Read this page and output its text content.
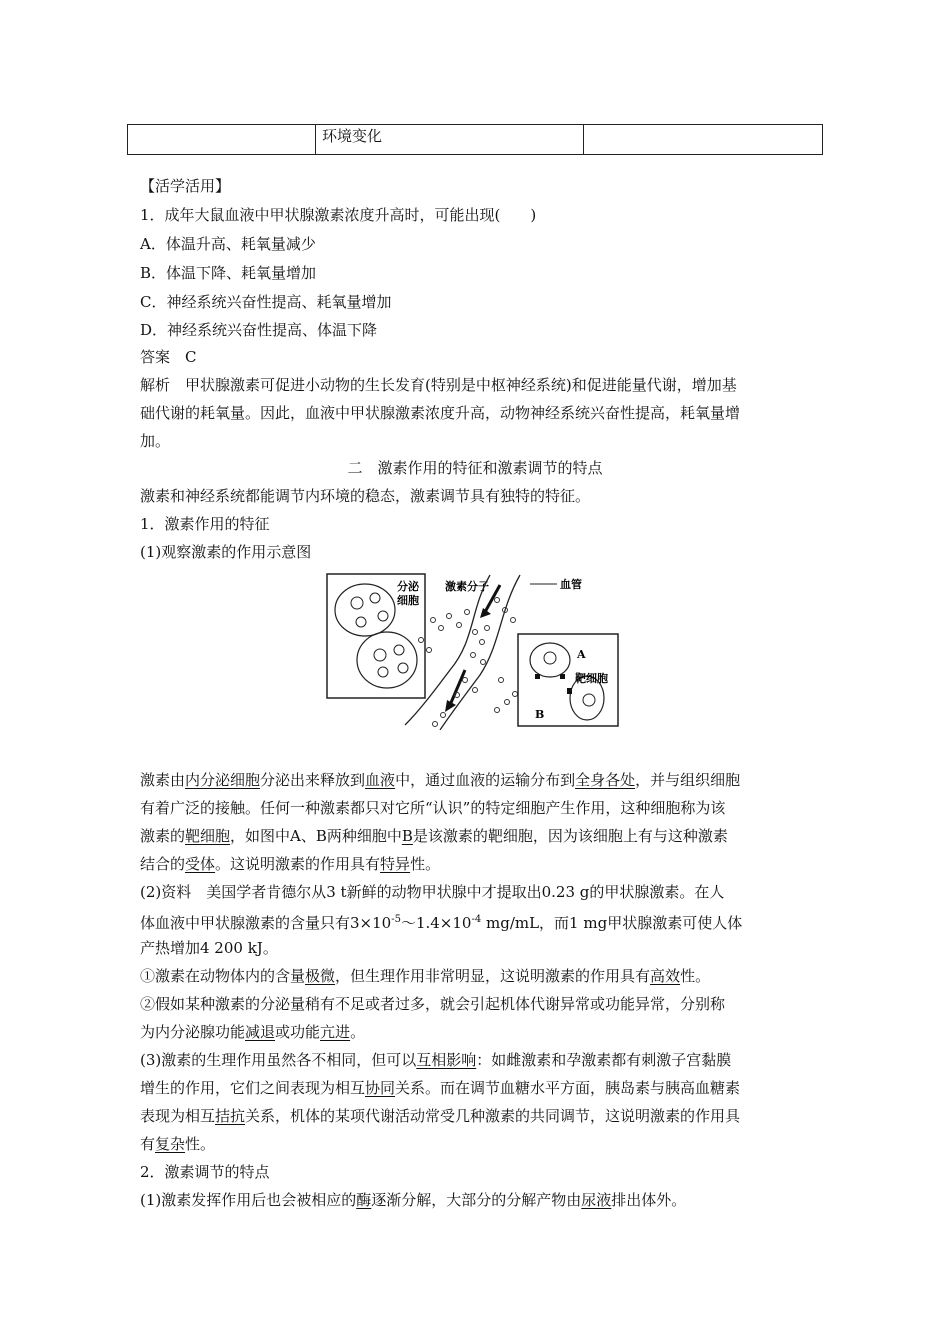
	环境变化	
【活学活用】
1．成年大鼠血液中甲状腺激素浓度升高时，可能出现(　　)
A．体温升高、耗氧量减少
B．体温下降、耗氧量增加
C．神经系统兴奋性提高、耗氧量增加
D．神经系统兴奋性提高、体温下降
答案　C
解析　甲状腺激素可促进小动物的生长发育(特别是中枢神经系统)和促进能量代谢，增加基
础代谢的耗氧量。因此，血液中甲状腺激素浓度升高，动物神经系统兴奋性提高，耗氧量增
加。
二　激素作用的特征和激素调节的特点
激素和神经系统都能调节内环境的稳态，激素调节具有独特的特征。
1．激素作用的特征
(1)观察激素的作用示意图
分泌
细胞
激素分子	血管
A
B
靶细胞
激素由内分泌细胞分泌出来释放到血液中，通过血液的运输分布到全身各处，并与组织细胞
有着广泛的接触。任何一种激素都只对它所“认识”的特定细胞产生作用，这种细胞称为该
激素的靶细胞，如图中A、B两种细胞中B是该激素的靶细胞，因为该细胞上有与这种激素
结合的受体。这说明激素的作用具有特异性。
(2)资料　美国学者肯德尔从3 t新鲜的动物甲状腺中才提取出0.23 g的甲状腺激素。在人
体血液中甲状腺激素的含量只有$3\times 10^{-5}\sim 1.4\times 10^{-4}$ mg/mL，而1 mg甲状腺激素可使人体
产热增加4 200 kJ。
①激素在动物体内的含量极微，但生理作用非常明显，这说明激素的作用具有高效性。
②假如某种激素的分泌量稍有不足或者过多，就会引起机体代谢异常或功能异常，分别称
为内分泌腺功能减退或功能亢进。
(3)激素的生理作用虽然各不相同，但可以互相影响：如雌激素和孕激素都有刺激子宫黏膜
增生的作用，它们之间表现为相互协同关系。而在调节血糖水平方面，胰岛素与胰高血糖素
表现为相互拮抗关系，机体的某项代谢活动常受几种激素的共同调节，这说明激素的作用具
有复杂性。
2．激素调节的特点
(1)激素发挥作用后也会被相应的酶逐渐分解，大部分的分解产物由尿液排出体外。
